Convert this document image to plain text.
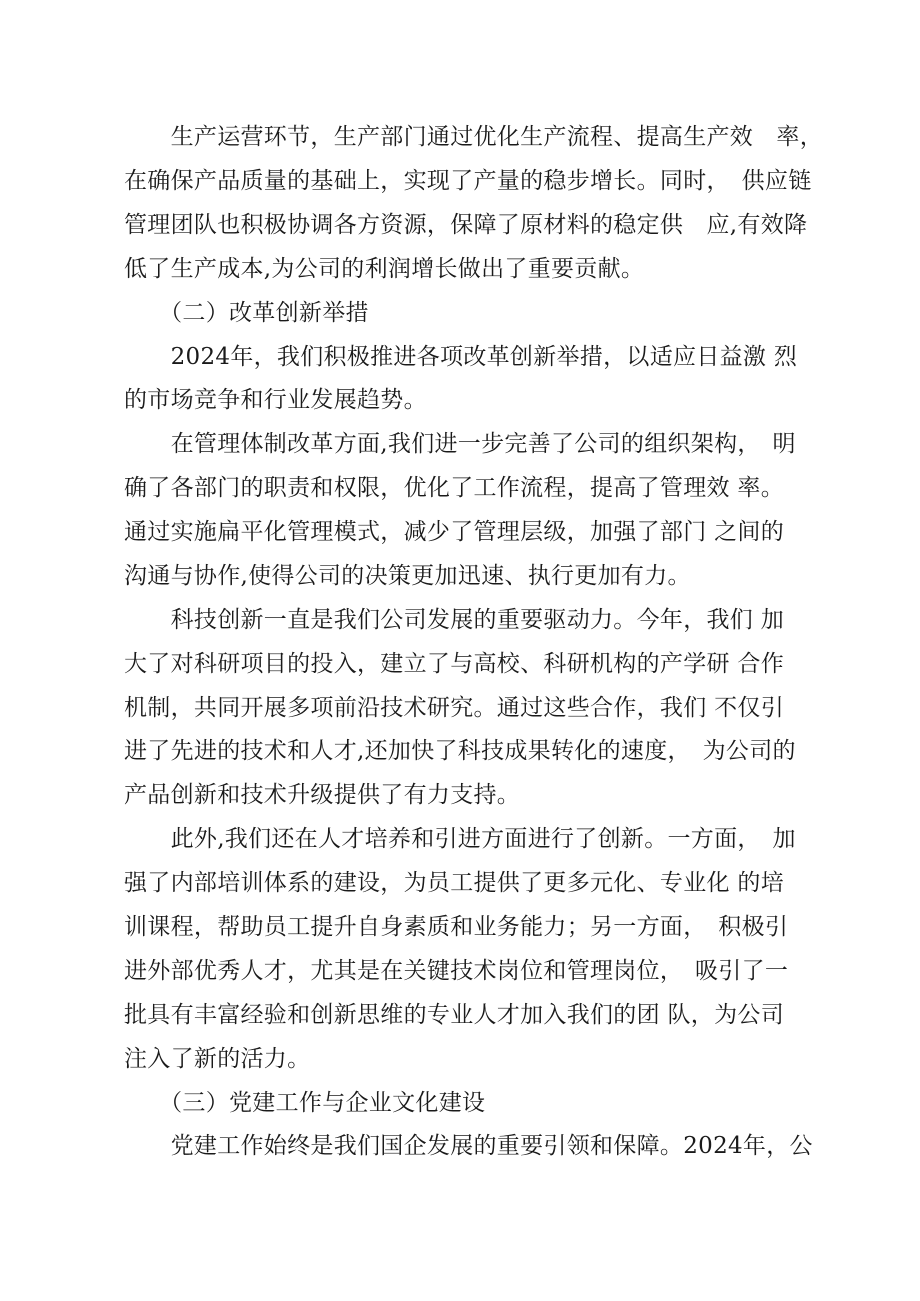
　　生产运营环节，生产部门通过优化生产流程、提高生产效　率，
在确保产品质量的基础上，实现了产量的稳步增长。同时，　供应链
管理团队也积极协调各方资源，保障了原材料的稳定供　应,有效降
低了生产成本,为公司的利润增长做出了重要贡献。
　　（二）改革创新举措
　　2024年，我们积极推进各项改革创新举措，以适应日益激 烈
的市场竞争和行业发展趋势。
　　在管理体制改革方面,我们进一步完善了公司的组织架构，　明
确了各部门的职责和权限，优化了工作流程，提高了管理效 率。
通过实施扁平化管理模式，减少了管理层级，加强了部门 之间的
沟通与协作,使得公司的决策更加迅速、执行更加有力。
　　科技创新一直是我们公司发展的重要驱动力。今年，我们 加
大了对科研项目的投入，建立了与高校、科研机构的产学研 合作
机制，共同开展多项前沿技术研究。通过这些合作，我们 不仅引
进了先进的技术和人才,还加快了科技成果转化的速度，　为公司的
产品创新和技术升级提供了有力支持。
　　此外,我们还在人才培养和引进方面进行了创新。一方面，　加
强了内部培训体系的建设，为员工提供了更多元化、专业化 的培
训课程，帮助员工提升自身素质和业务能力；另一方面，　积极引
进外部优秀人才，尤其是在关键技术岗位和管理岗位，　吸引了一
批具有丰富经验和创新思维的专业人才加入我们的团 队，为公司
注入了新的活力。
　　（三）党建工作与企业文化建设
　　党建工作始终是我们国企发展的重要引领和保障。2024年，公
